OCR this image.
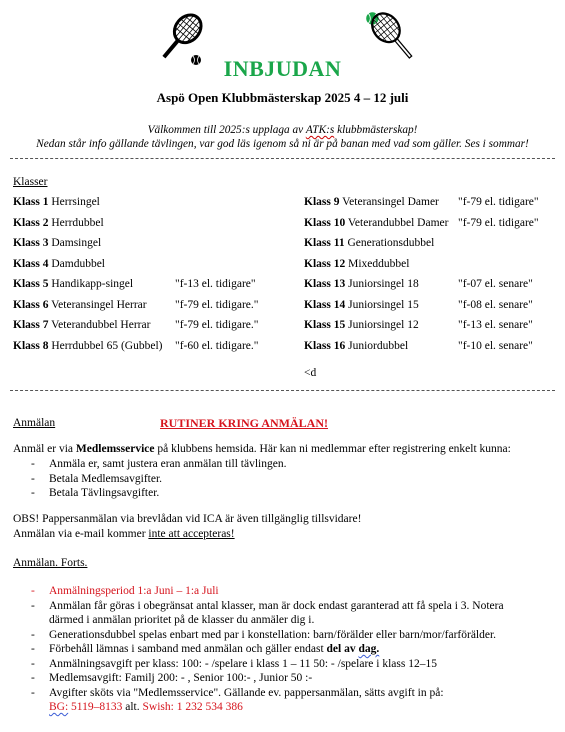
INBJUDAN
Aspö Open Klubbmästerskap 2025 4 – 12 juli
Välkommen till 2025:s upplaga av ATK:s klubbmästerskap!
Nedan står info gällande tävlingen, var god läs igenom så ni är på banan med vad som gäller. Ses i sommar!
Klasser
Klass 1 Herrsingel
Klass 2 Herrdubbel
Klass 3 Damsingel
Klass 4 Damdubbel
Klass 5 Handikapp-singel	"f-13 el. tidigare"
Klass 6 Veteransingel Herrar "f-79 el. tidigare."
Klass 7 Veterandubbel Herrar "f-79 el. tidigare."
Klass 8 Herrdubbel 65 (Gubbel) "f-60 el. tidigare."
Klass 9 Veteransingel Damer "f-79 el. tidigare"
Klass 10 Veterandubbel Damer "f-79 el. tidigare"
Klass 11 Generationsdubbel
Klass 12 Mixeddubbel
Klass 13 Juniorsingel 18	"f-07 el. senare"
Klass 14 Juniorsingel 15	"f-08 el. senare"
Klass 15 Juniorsingel 12	"f-13 el. senare"
Klass 16 Juniordubbel	"f-10 el. senare"
<d
Anmälan	RUTINER KRING ANMÄLAN!
Anmäl er via Medlemsservice på klubbens hemsida. Här kan ni medlemmar efter registrering enkelt kunna:
- Anmäla er, samt justera eran anmälan till tävlingen.
- Betala Medlemsavgifter.
- Betala Tävlingsavgifter.
OBS! Pappersanmälan via brevlådan vid ICA är även tillgänglig tillsvidare!
Anmälan via e-mail kommer inte att accepteras!
Anmälan. Forts.
- Anmälningsperiod 1:a Juni – 1:a Juli
- Anmälan får göras i obegränsat antal klasser, man är dock endast garanterad att få spela i 3. Notera
därmed i anmälan prioritet på de klasser du anmäler dig i.
- Generationsdubbel spelas enbart med par i konstellation: barn/förälder eller barn/mor/farförälder.
- Förbehåll lämnas i samband med anmälan och gäller endast del av dag.
- Anmälningsavgift per klass: 100: - /spelare i klass 1 – 11 50: - /spelare i klass 12–15
- Medlemsavgift: Familj 200: - , Senior 100:- , Junior 50 :-
- Avgifter sköts via "Medlemsservice". Gällande ev. pappersanmälan, sätts avgift in på:
BG: 5119–8133 alt. Swish: 1 232 534 386
